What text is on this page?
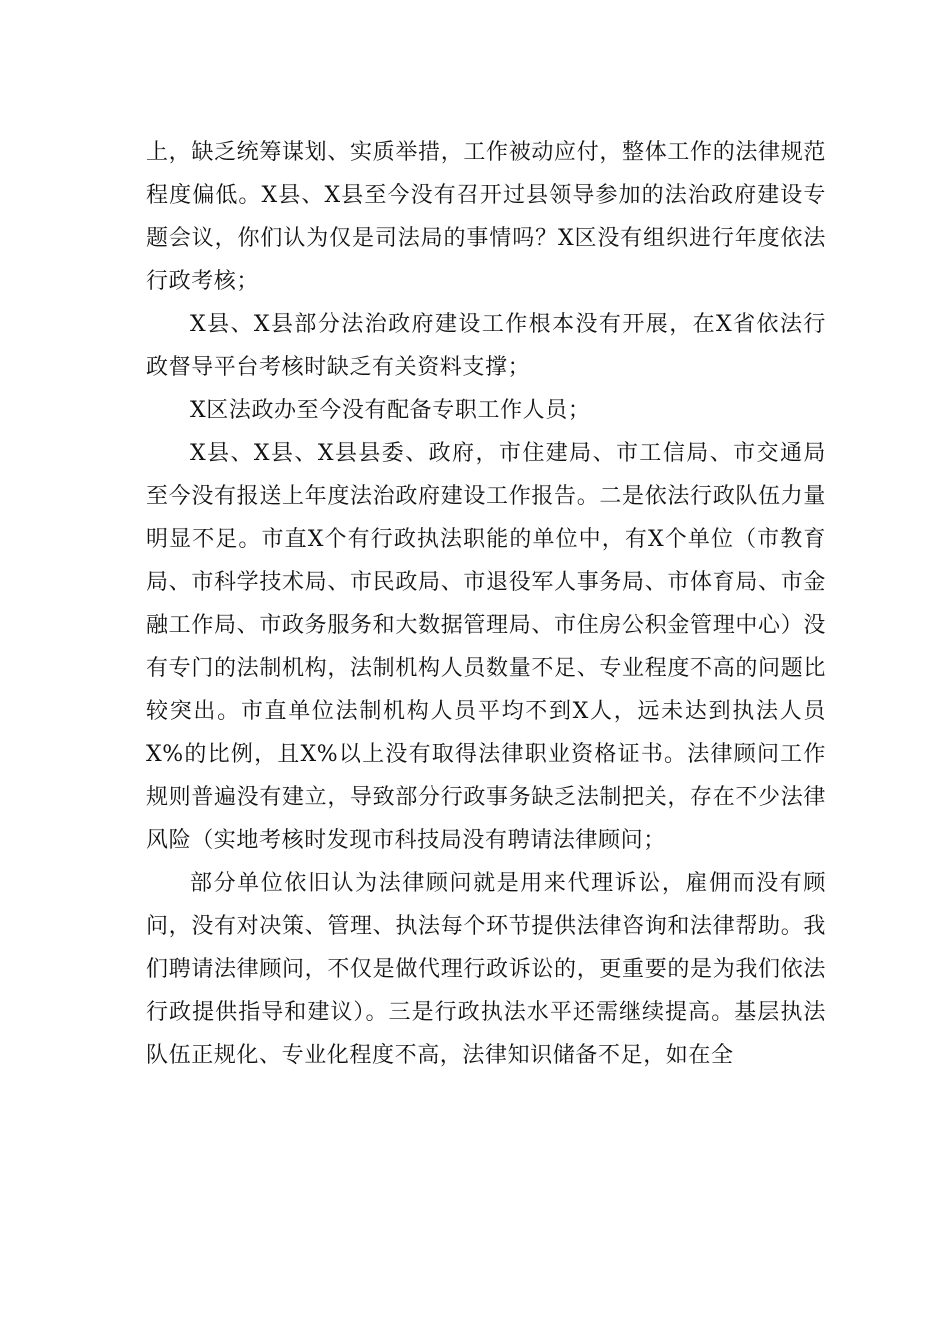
上，缺乏统筹谋划、实质举措，工作被动应付，整体工作的法律规范程度偏低。X县、X县至今没有召开过县领导参加的法治政府建设专题会议，你们认为仅是司法局的事情吗？X区没有组织进行年度依法行政考核；

X县、X县部分法治政府建设工作根本没有开展，在X省依法行政督导平台考核时缺乏有关资料支撑；

X区法政办至今没有配备专职工作人员；

X县、X县、X县县委、政府，市住建局、市工信局、市交通局至今没有报送上年度法治政府建设工作报告。二是依法行政队伍力量明显不足。市直X个有行政执法职能的单位中，有X个单位（市教育局、市科学技术局、市民政局、市退役军人事务局、市体育局、市金融工作局、市政务服务和大数据管理局、市住房公积金管理中心）没有专门的法制机构，法制机构人员数量不足、专业程度不高的问题比较突出。市直单位法制机构人员平均不到X人，远未达到执法人员X%的比例，且X%以上没有取得法律职业资格证书。法律顾问工作规则普遍没有建立，导致部分行政事务缺乏法制把关，存在不少法律风险（实地考核时发现市科技局没有聘请法律顾问；

部分单位依旧认为法律顾问就是用来代理诉讼，雇佣而没有顾问，没有对决策、管理、执法每个环节提供法律咨询和法律帮助。我们聘请法律顾问，不仅是做代理行政诉讼的，更重要的是为我们依法行政提供指导和建议）。三是行政执法水平还需继续提高。基层执法队伍正规化、专业化程度不高，法律知识储备不足，如在全
